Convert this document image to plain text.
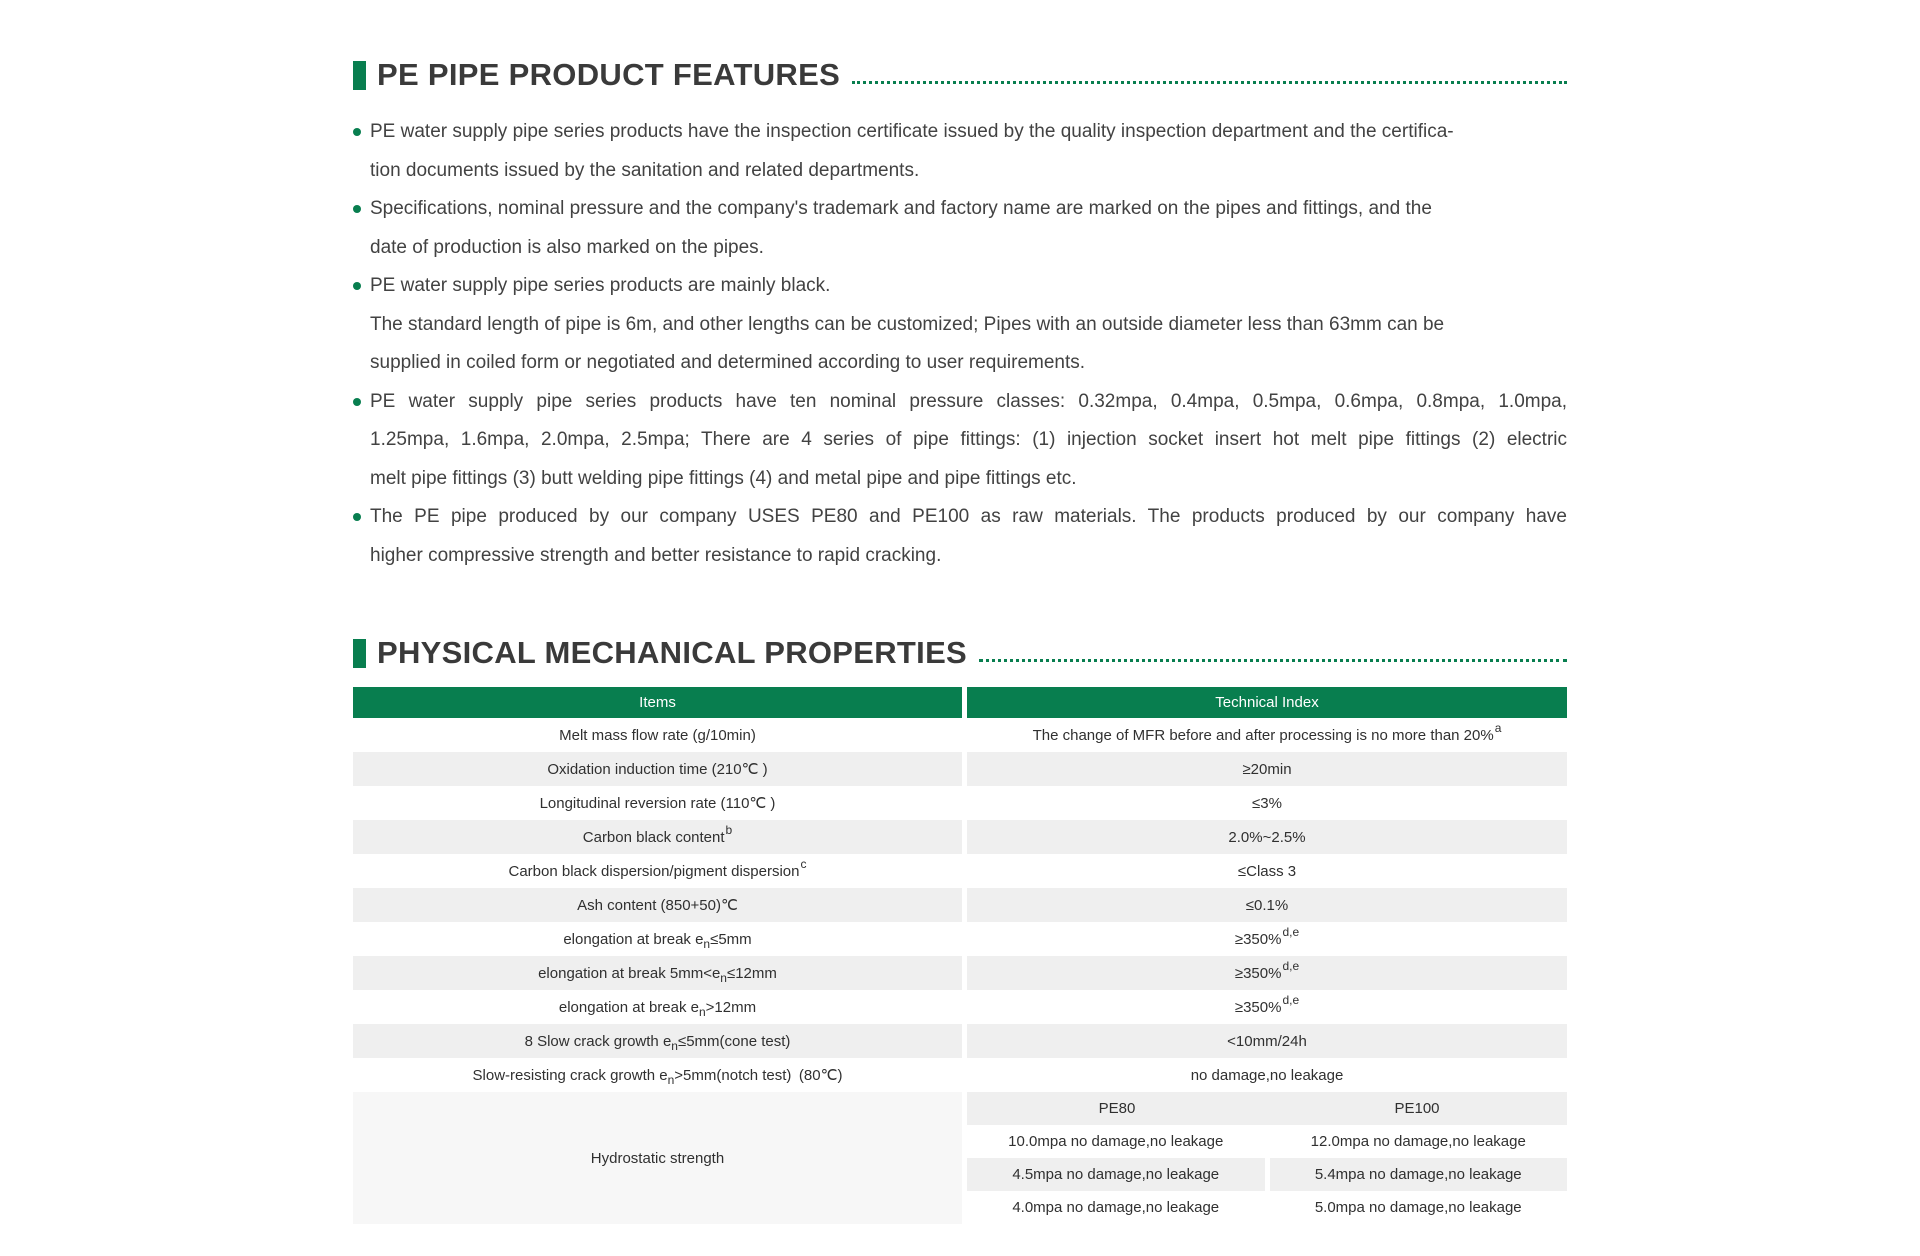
PE PIPE PRODUCT FEATURES
PE water supply pipe series products have the inspection certificate issued by the quality inspection department and the certifica-
tion documents issued by the sanitation and related departments.
Specifications, nominal pressure and the company's trademark and factory name are marked on the pipes and fittings, and the
date of production is also marked on the pipes.
PE water supply pipe series products are mainly black.
The standard length of pipe is 6m, and other lengths can be customized; Pipes with an outside diameter less than 63mm can be
supplied in coiled form or negotiated and determined according to user requirements.
PE water supply pipe series products have ten nominal pressure classes: 0.32mpa, 0.4mpa, 0.5mpa, 0.6mpa, 0.8mpa, 1.0mpa,
1.25mpa, 1.6mpa, 2.0mpa, 2.5mpa; There are 4 series of pipe fittings: (1) injection socket insert hot melt pipe fittings (2) electric
melt pipe fittings (3) butt welding pipe fittings (4) and metal pipe and pipe fittings etc.
The PE pipe produced by our company USES PE80 and PE100 as raw materials. The products produced by our company have
higher compressive strength and better resistance to rapid cracking.
PHYSICAL MECHANICAL PROPERTIES
Items	Technical Index
Melt mass flow rate (g/10min)	The change of MFR before and after processing is no more than 20% a
Oxidation induction time (210℃ )	≥20min
Longitudinal reversion rate (110℃ )	≤3%
Carbon black content b	2.0%~2.5%
Carbon black dispersion/pigment dispersion c	≤Class 3
Ash content (850+50)℃	≤0.1%
elongation at break e n ≤5mm	≥350% d,e
elongation at break 5mm<e n ≤12mm	≥350% d,e
elongation at break e n >12mm	≥350% d,e
8 Slow crack growth e n ≤5mm(cone test)	<10mm/24h
Slow-resisting crack growth e n >5mm(notch test) (80℃)	no damage,no leakage
Hydrostatic strength
PE80	PE100
10.0mpa no damage,no leakage	12.0mpa no damage,no leakage
4.5mpa no damage,no leakage	5.4mpa no damage,no leakage
4.0mpa no damage,no leakage	5.0mpa no damage,no leakage
